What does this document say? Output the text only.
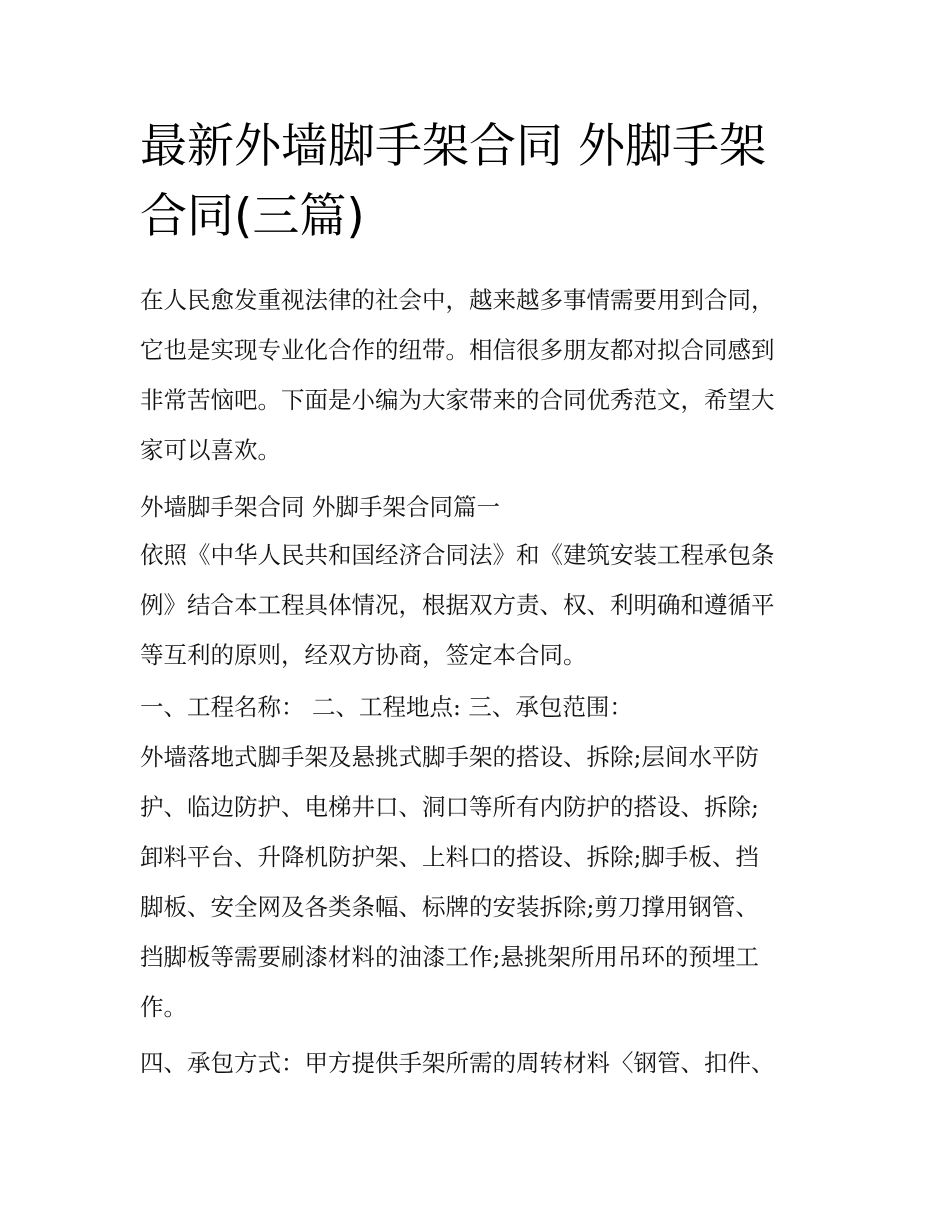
最新外墙脚手架合同 外脚手架
合同(三篇)

在人民愈发重视法律的社会中，越来越多事情需要用到合同，
它也是实现专业化合作的纽带。相信很多朋友都对拟合同感到
非常苦恼吧。下面是小编为大家带来的合同优秀范文，希望大
家可以喜欢。

外墙脚手架合同 外脚手架合同篇一

依照《中华人民共和国经济合同法》和《建筑安装工程承包条
例》结合本工程具体情况，根据双方责、权、利明确和遵循平
等互利的原则，经双方协商，签定本合同。

一、工程名称： 二、工程地点: 三、承包范围：

外墙落地式脚手架及悬挑式脚手架的搭设、拆除;层间水平防
护、临边防护、电梯井口、洞口等所有内防护的搭设、拆除;
卸料平台、升降机防护架、上料口的搭设、拆除;脚手板、挡
脚板、安全网及各类条幅、标牌的安装拆除;剪刀撑用钢管、
挡脚板等需要刷漆材料的油漆工作;悬挑架所用吊环的预埋工
作。

四、承包方式：甲方提供手架所需的周转材料〈钢管、扣件、
